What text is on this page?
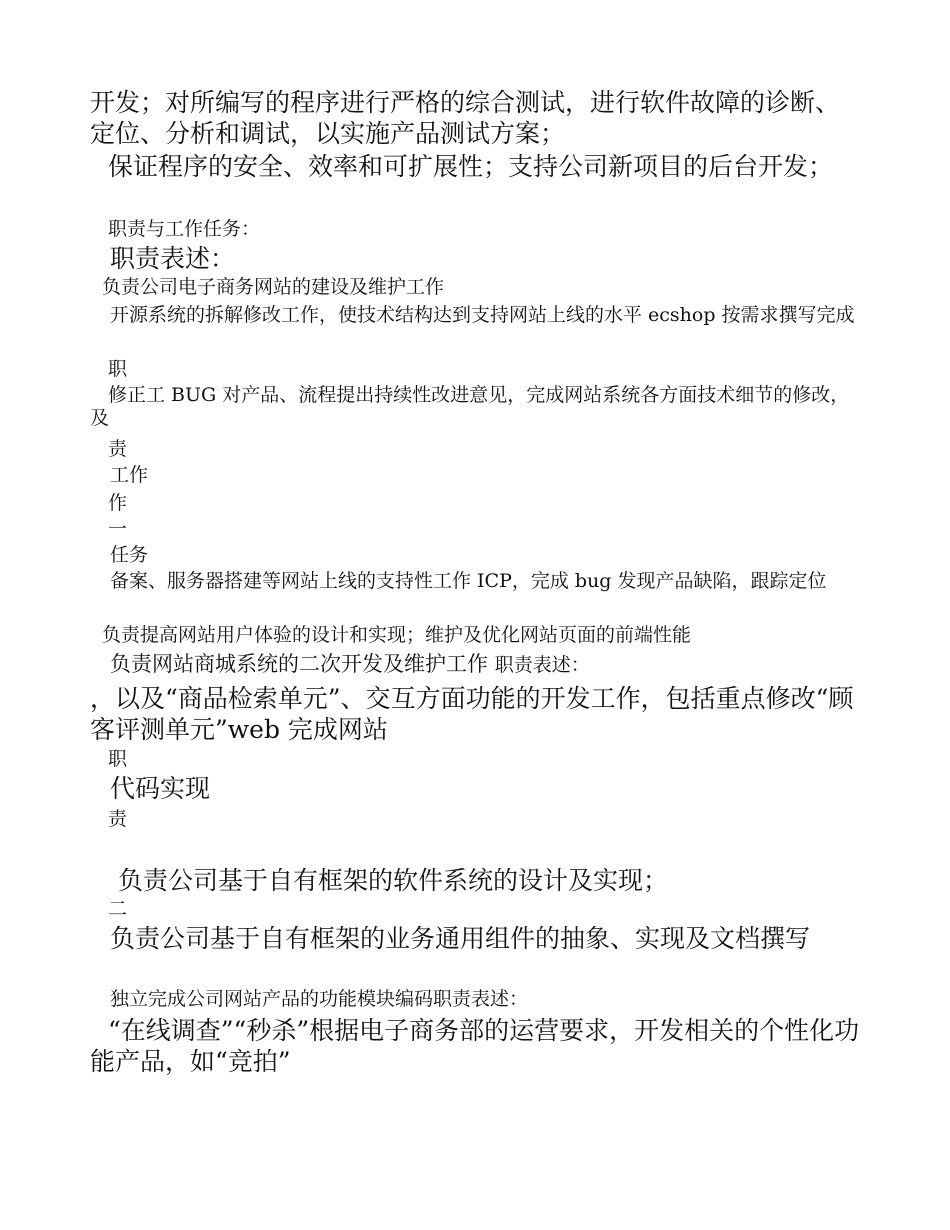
开发；对所编写的程序进行严格的综合测试，进行软件故障的诊断、定位、分析和调试，以实施产品测试方案；
保证程序的安全、效率和可扩展性；支持公司新项目的后台开发；
职责与工作任务：
职责表述：
负责公司电子商务网站的建设及维护工作
开源系统的拆解修改工作，使技术结构达到支持网站上线的水平 ecshop 按需求撰写完成
职
修正工 BUG 对产品、流程提出持续性改进意见，完成网站系统各方面技术细节的修改，及
责
工作
作
一
任务
备案、服务器搭建等网站上线的支持性工作 ICP，完成 bug 发现产品缺陷，跟踪定位
负责提高网站用户体验的设计和实现；维护及优化网站页面的前端性能
负责网站商城系统的二次开发及维护工作 职责表述：
，以及“商品检索单元”、交互方面功能的开发工作，包括重点修改“顾客评测单元”web 完成网站
职
代码实现
责
负责公司基于自有框架的软件系统的设计及实现；
二
负责公司基于自有框架的业务通用组件的抽象、实现及文档撰写
独立完成公司网站产品的功能模块编码职责表述：
“在线调查”“秒杀”根据电子商务部的运营要求，开发相关的个性化功能产品，如“竞拍”
